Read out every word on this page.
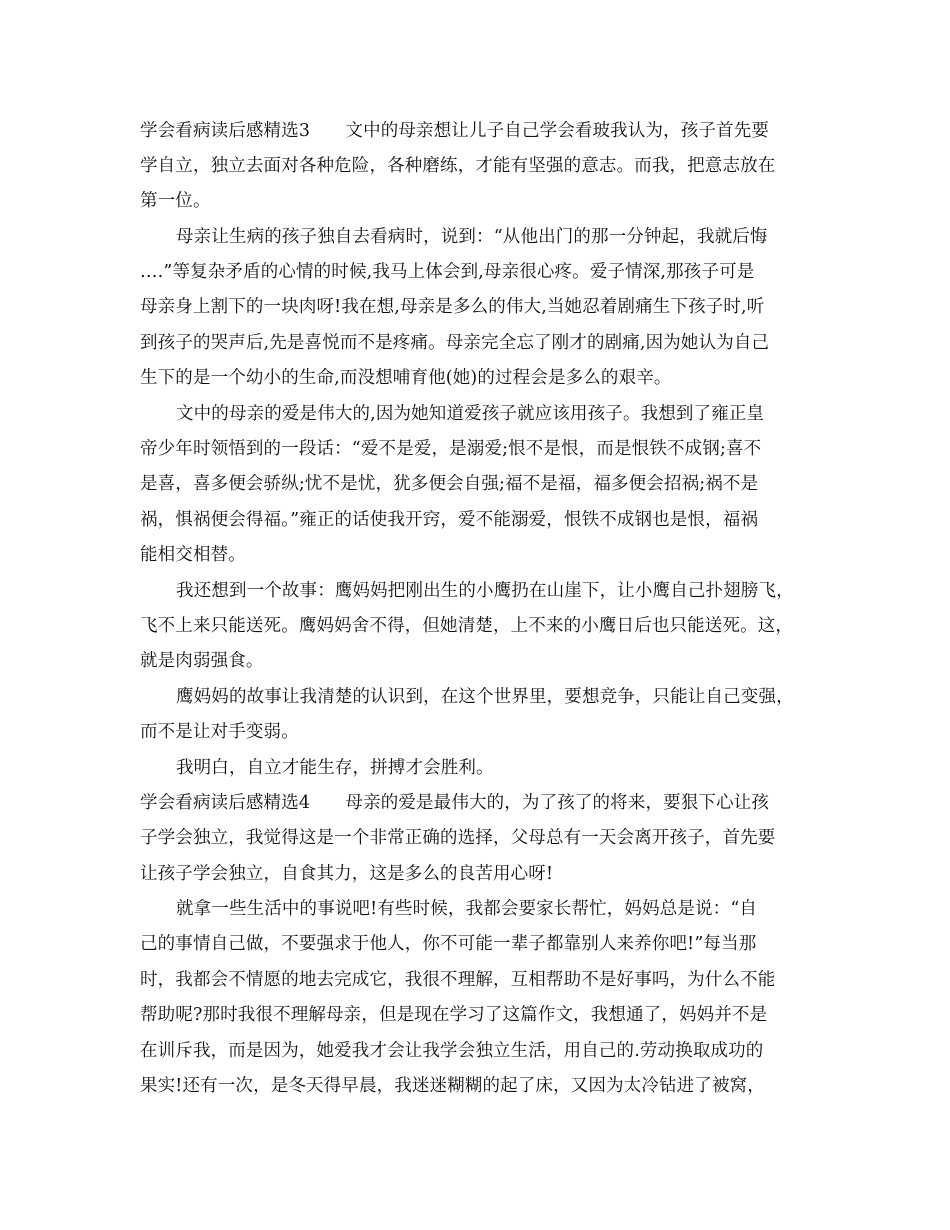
学会看病读后感精选3　　文中的母亲想让儿子自己学会看玻我认为，孩子首先要
学自立，独立去面对各种危险，各种磨练，才能有坚强的意志。而我，把意志放在
第一位。
母亲让生病的孩子独自去看病时，说到：“从他出门的那一分钟起，我就后悔
….”等复杂矛盾的心情的时候,我马上体会到,母亲很心疼。爱子情深,那孩子可是
母亲身上割下的一块肉呀!我在想,母亲是多么的伟大,当她忍着剧痛生下孩子时,听
到孩子的哭声后,先是喜悦而不是疼痛。母亲完全忘了刚才的剧痛,因为她认为自己
生下的是一个幼小的生命,而没想哺育他(她)的过程会是多么的艰辛。
文中的母亲的爱是伟大的,因为她知道爱孩子就应该用孩子。我想到了雍正皇
帝少年时领悟到的一段话：“爱不是爱，是溺爱;恨不是恨，而是恨铁不成钢;喜不
是喜，喜多便会骄纵;忧不是忧，犹多便会自强;福不是福，福多便会招祸;祸不是
祸，惧祸便会得福。”雍正的话使我开窍，爱不能溺爱，恨铁不成钢也是恨，福祸
能相交相替。
我还想到一个故事：鹰妈妈把刚出生的小鹰扔在山崖下，让小鹰自己扑翅膀飞，
飞不上来只能送死。鹰妈妈舍不得，但她清楚，上不来的小鹰日后也只能送死。这，
就是肉弱强食。
鹰妈妈的故事让我清楚的认识到，在这个世界里，要想竞争，只能让自己变强，
而不是让对手变弱。
我明白，自立才能生存，拼搏才会胜利。
学会看病读后感精选4　　母亲的爱是最伟大的，为了孩了的将来，要狠下心让孩
子学会独立，我觉得这是一个非常正确的选择，父母总有一天会离开孩子，首先要
让孩子学会独立，自食其力，这是多么的良苦用心呀!
就拿一些生活中的事说吧!有些时候，我都会要家长帮忙，妈妈总是说：“自
己的事情自己做，不要强求于他人，你不可能一辈子都靠别人来养你吧!”每当那
时，我都会不情愿的地去完成它，我很不理解，互相帮助不是好事吗，为什么不能
帮助呢?那时我很不理解母亲，但是现在学习了这篇作文，我想通了，妈妈并不是
在训斥我，而是因为，她爱我才会让我学会独立生活，用自己的.劳动换取成功的
果实!还有一次，是冬天得早晨，我迷迷糊糊的起了床，又因为太冷钻进了被窝，
